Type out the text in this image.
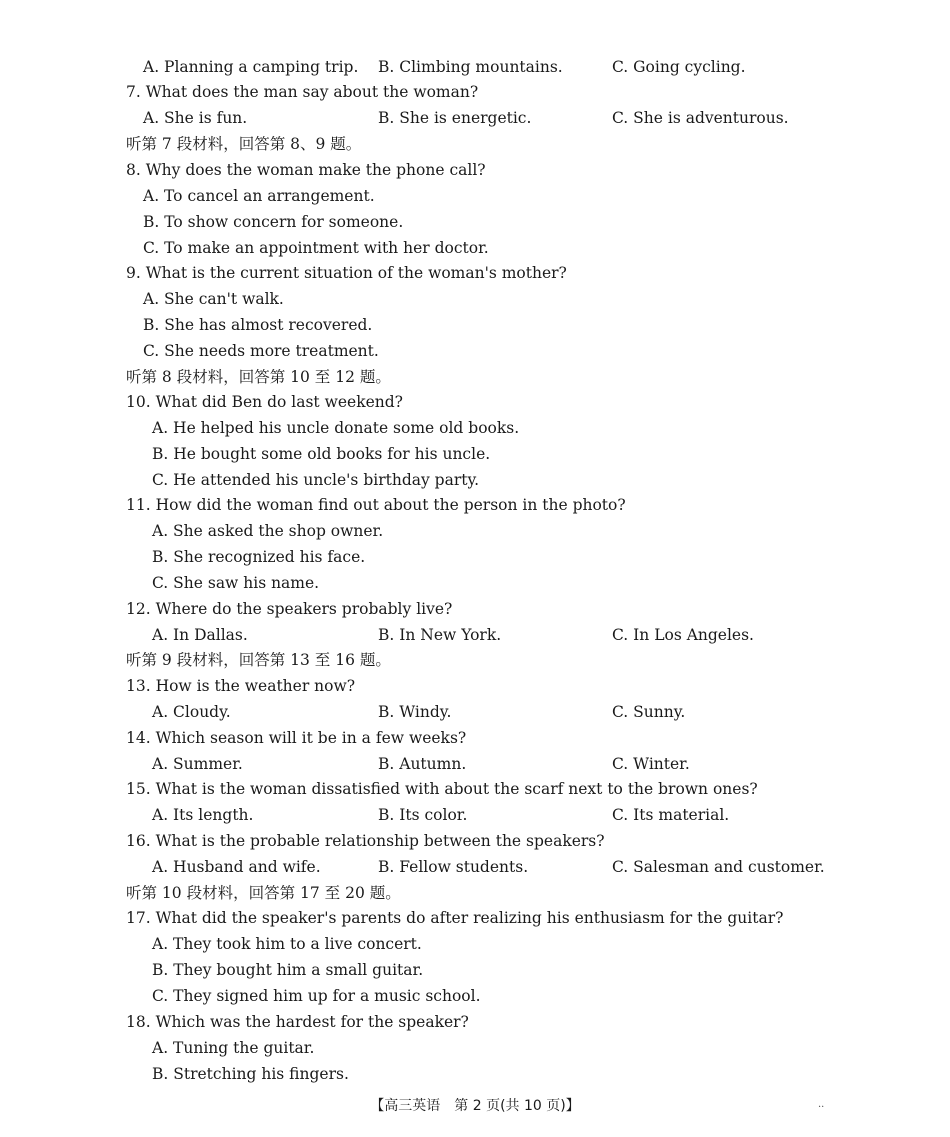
A. Planning a camping trip. B. Climbing mountains.	C. Going cycling.
7. What does the man say about the woman?
A. She is fun.	B. She is energetic.	C. She is adventurous.
听第 7 段材料，回答第 8、9 题。
8. Why does the woman make the phone call?
A. To cancel an arrangement.
B. To show concern for someone.
C. To make an appointment with her doctor.
9. What is the current situation of the woman's mother?
A. She can't walk.
B. She has almost recovered.
C. She needs more treatment.
听第 8 段材料，回答第 10 至 12 题。
10. What did Ben do last weekend?
A. He helped his uncle donate some old books.
B. He bought some old books for his uncle.
C. He attended his uncle's birthday party.
11. How did the woman find out about the person in the photo?
A. She asked the shop owner.
B. She recognized his face.
C. She saw his name.
12. Where do the speakers probably live?
A. In Dallas.	B. In New York.	C. In Los Angeles.
听第 9 段材料，回答第 13 至 16 题。
13. How is the weather now?
A. Cloudy.	B. Windy.	C. Sunny.
14. Which season will it be in a few weeks?
A. Summer.	B. Autumn.	C. Winter.
15. What is the woman dissatisfied with about the scarf next to the brown ones?
A. Its length.	B. Its color.	C. Its material.
16. What is the probable relationship between the speakers?
A. Husband and wife.	B. Fellow students.	C. Salesman and customer.
听第 10 段材料，回答第 17 至 20 题。
17. What did the speaker's parents do after realizing his enthusiasm for the guitar?
A. They took him to a live concert.
B. They bought him a small guitar.
C. They signed him up for a music school.
18. Which was the hardest for the speaker?
A. Tuning the guitar.
B. Stretching his fingers.
【高三英语　第 2 页(共 10 页)】	··
